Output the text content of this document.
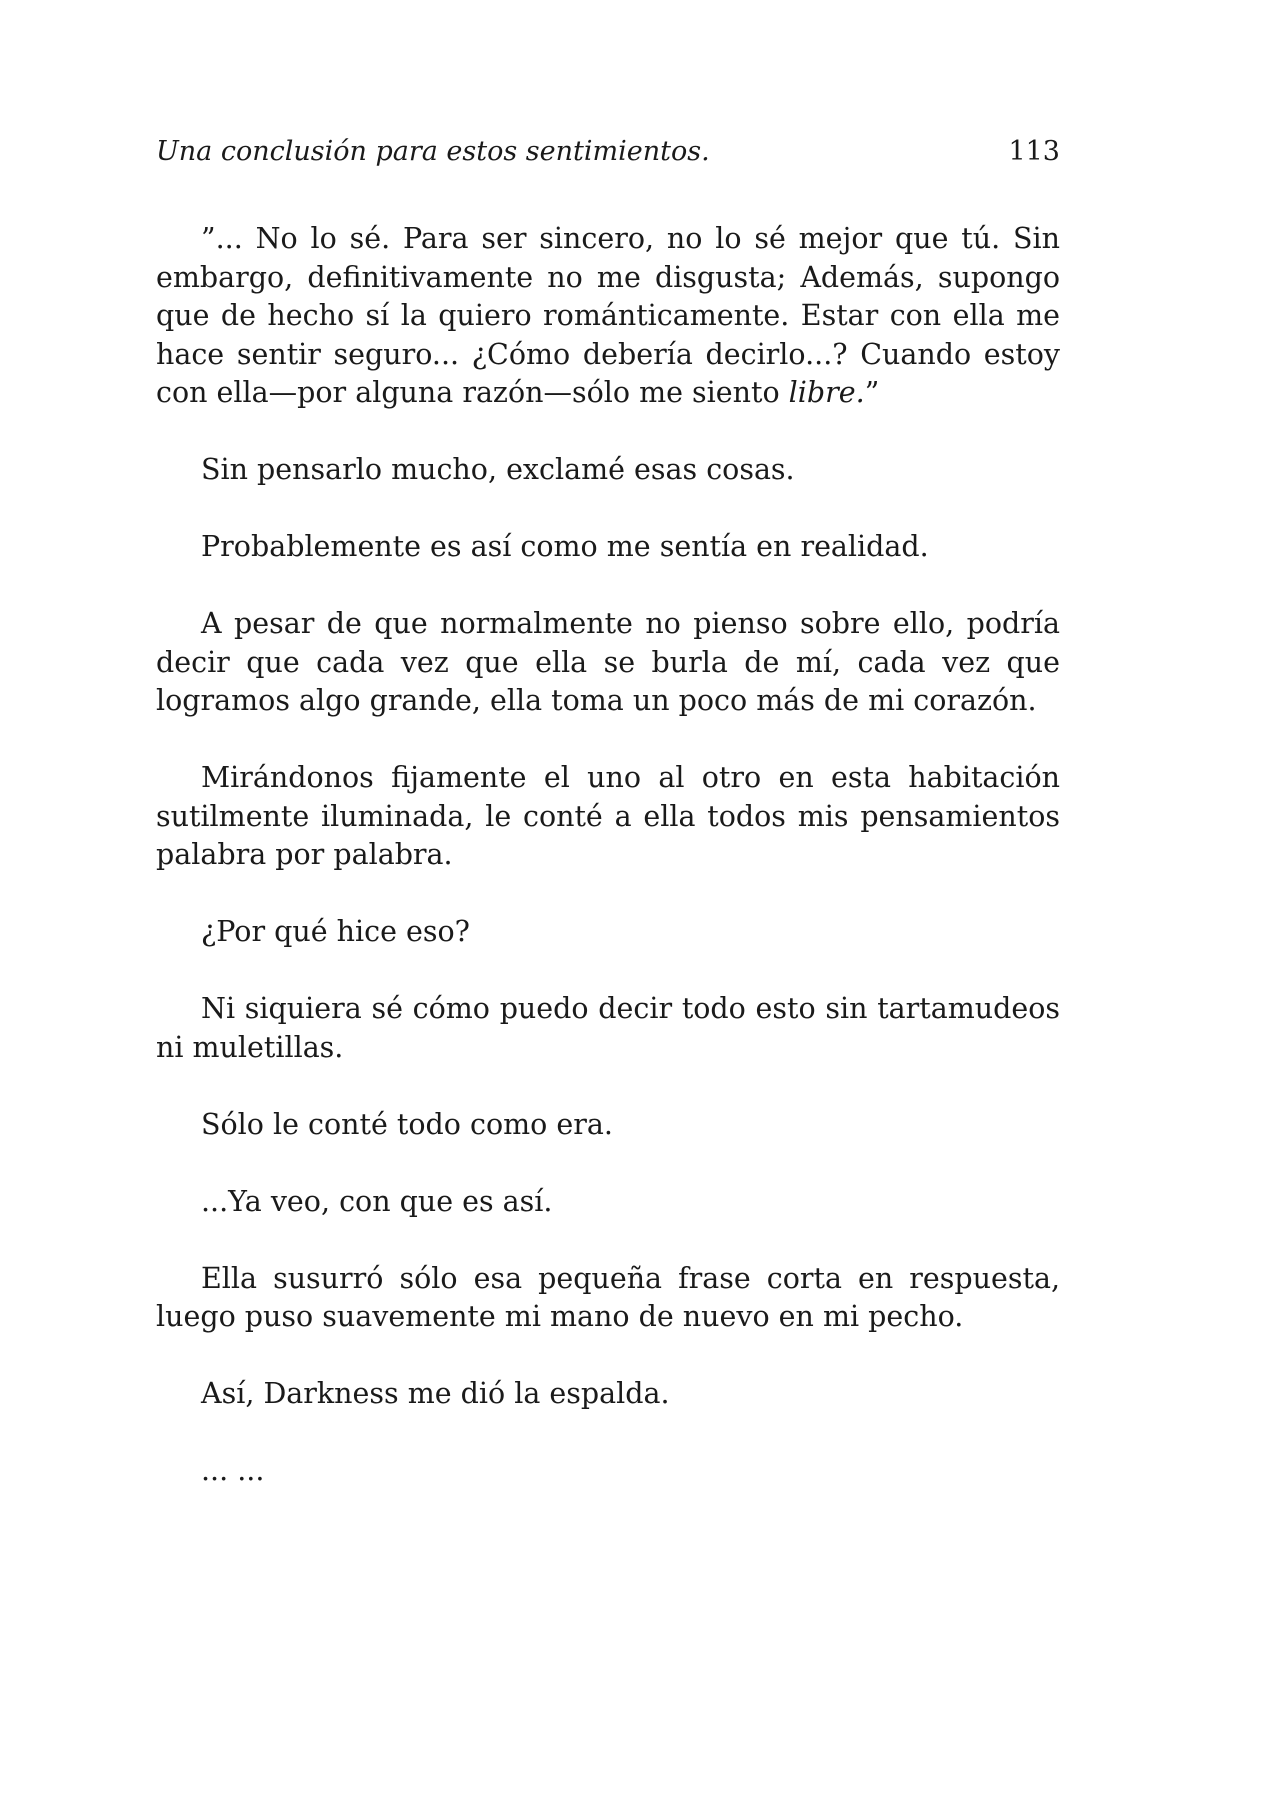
Una conclusión para estos sentimientos.	113

”... No lo sé. Para ser sincero, no lo sé mejor que tú. Sin embargo, definitivamente no me disgusta; Además, supongo que de hecho sí la quiero románticamente. Estar con ella me hace sentir seguro... ¿Cómo debería decirlo...? Cuando estoy con ella—por alguna razón—sólo me siento libre.”

Sin pensarlo mucho, exclamé esas cosas.

Probablemente es así como me sentía en realidad.

A pesar de que normalmente no pienso sobre ello, podría decir que cada vez que ella se burla de mí, cada vez que logramos algo grande, ella toma un poco más de mi corazón.

Mirándonos fijamente el uno al otro en esta habitación sutilmente iluminada, le conté a ella todos mis pensamientos palabra por palabra.

¿Por qué hice eso?

Ni siquiera sé cómo puedo decir todo esto sin tartamudeos ni muletillas.

Sólo le conté todo como era.

...Ya veo, con que es así.

Ella susurró sólo esa pequeña frase corta en respuesta, luego puso suavemente mi mano de nuevo en mi pecho.

Así, Darkness me dió la espalda.

... ...
